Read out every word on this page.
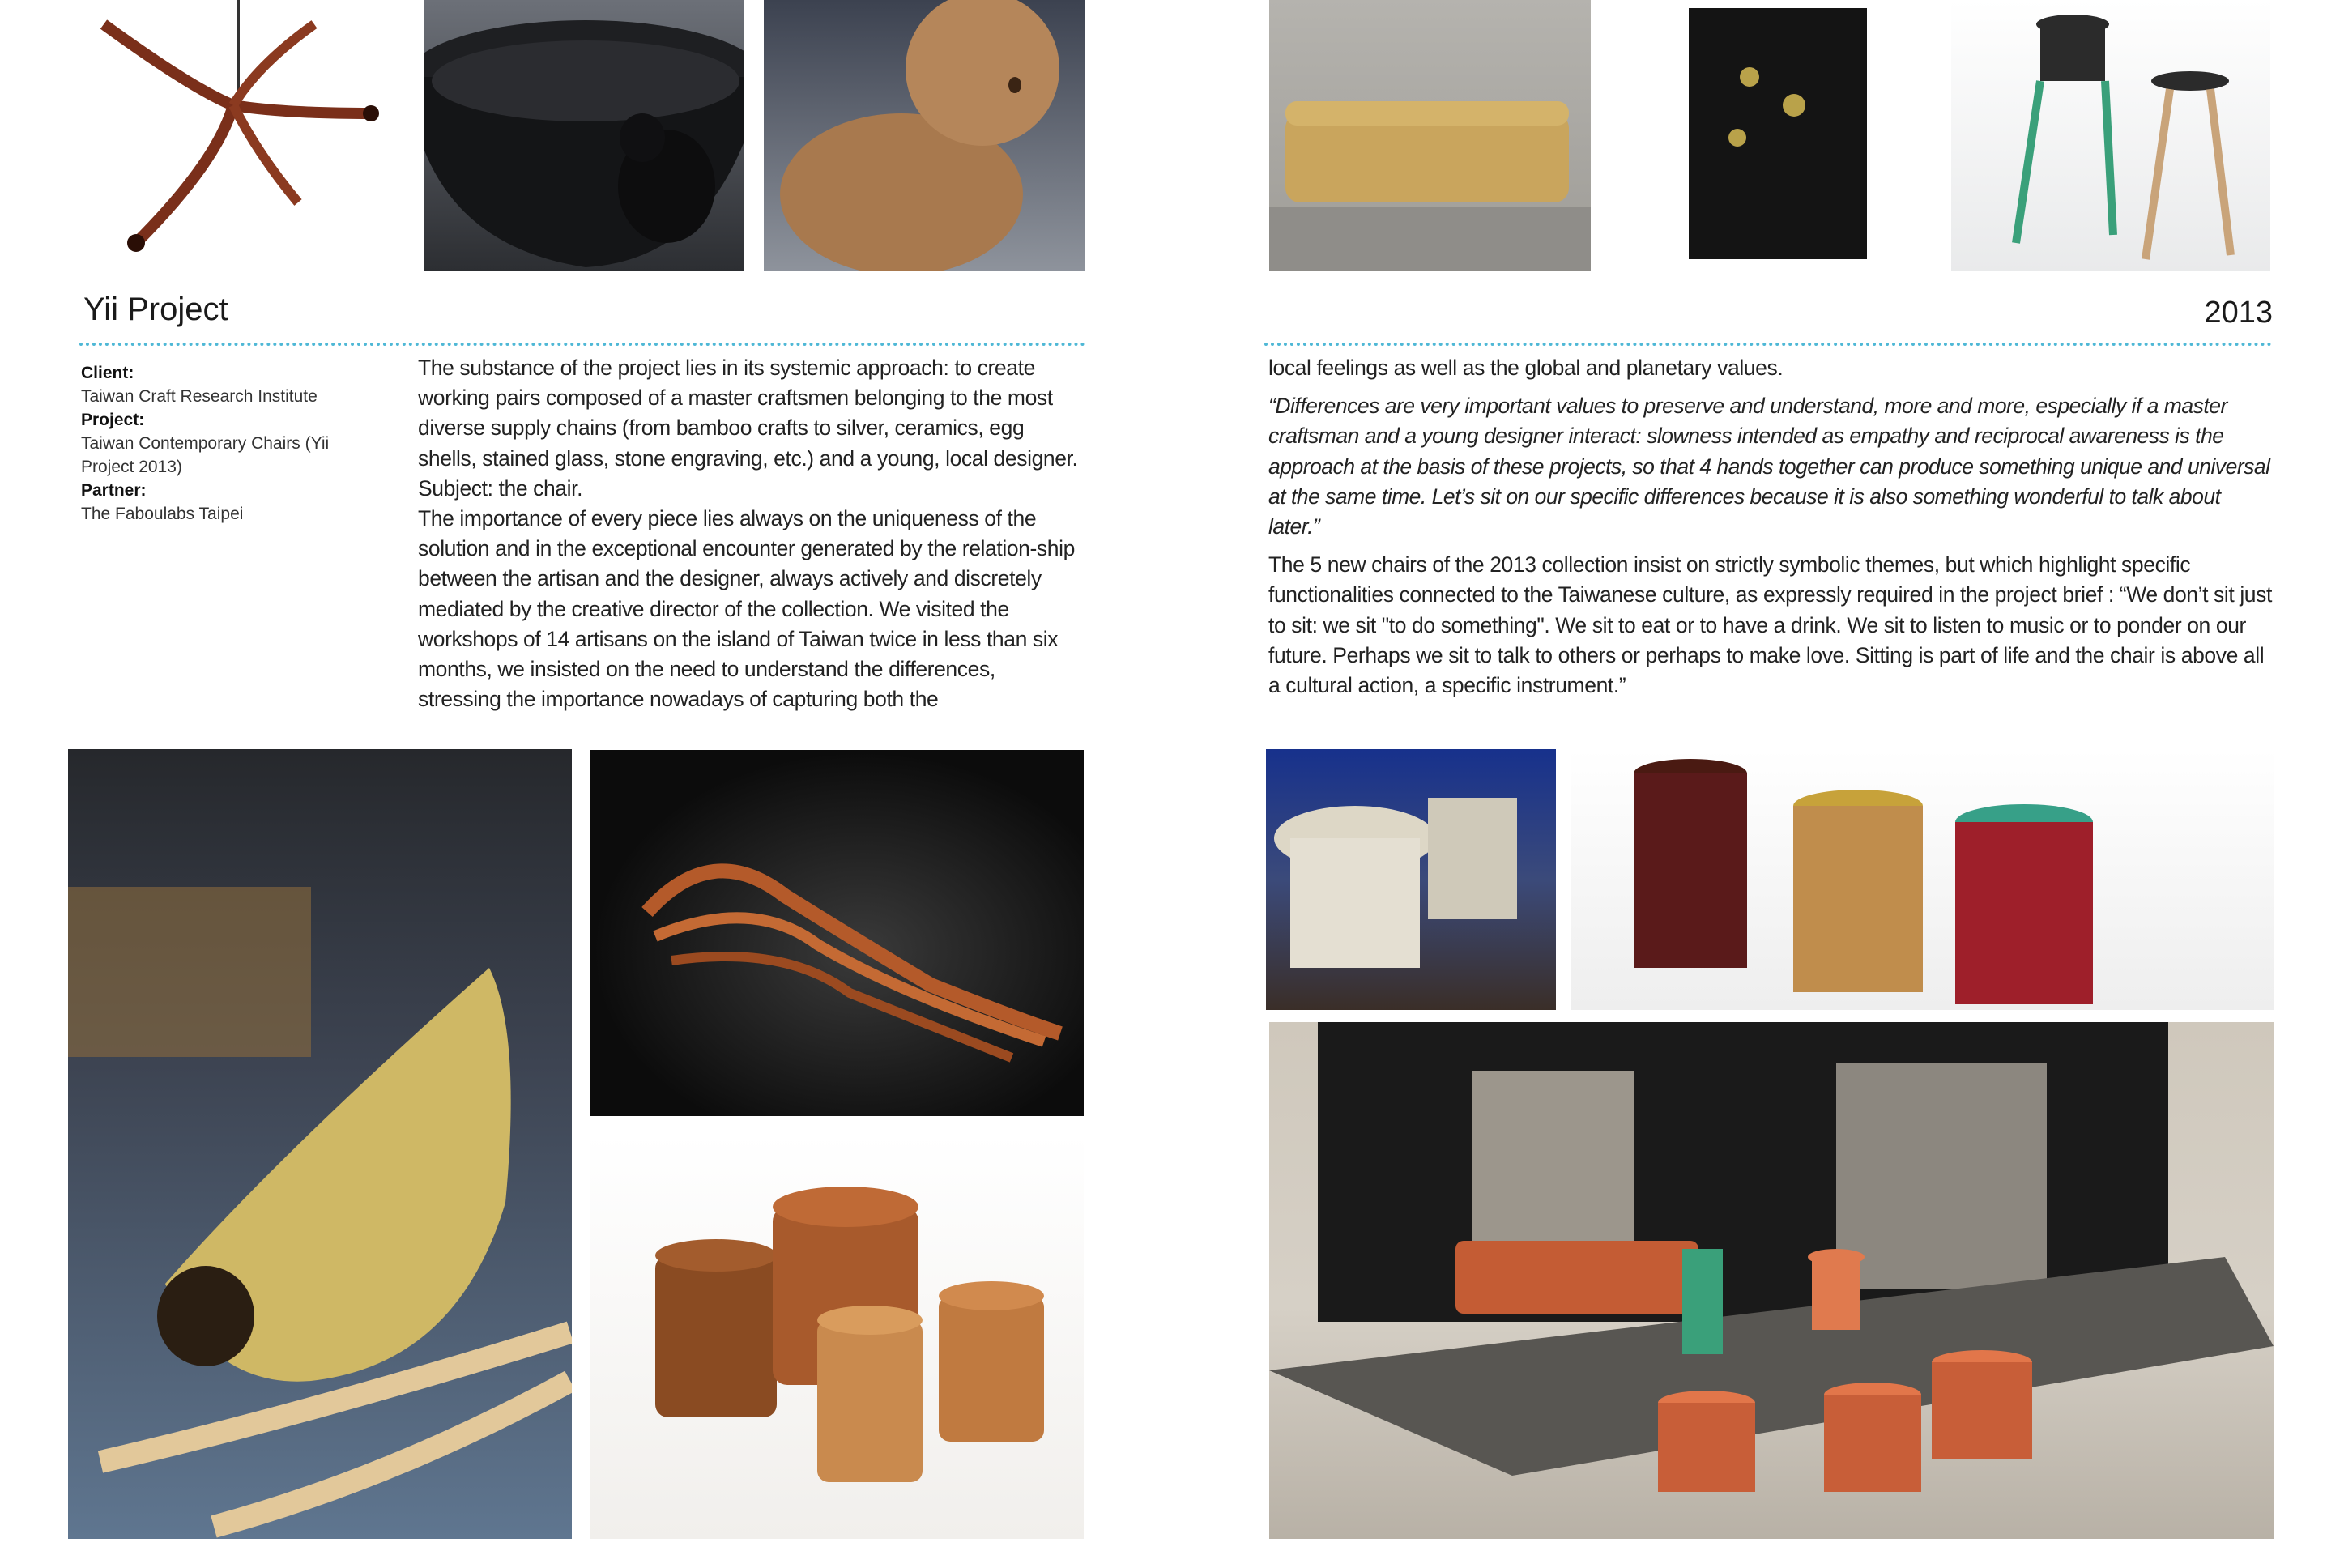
Yii Project	2013
Client:
Taiwan Craft Research Institute
Project:
Taiwan Contemporary Chairs (Yii Project 2013)
Partner:
The Faboulabs Taipei

The substance of the project lies in its systemic approach: to create working pairs composed of a master craftsmen belonging to the most diverse supply chains (from bamboo crafts to silver, ceramics, egg shells, stained glass, stone engraving, etc.) and a young, local designer. Subject: the chair.

The importance of every piece lies always on the uniqueness of the solution and in the exceptional encounter generated by the relation-ship between the artisan and the designer, always actively and discretely mediated by the creative director of the collection. We visited the workshops of 14 artisans on the island of Taiwan twice in less than six months, we insisted on the need to understand the differences, stressing the importance nowadays of capturing both the

local feelings as well as the global and planetary values.

“Differences are very important values to preserve and understand, more and more, especially if a master craftsman and a young designer interact: slowness intended as empathy and reciprocal awareness is the approach at the basis of these projects, so that 4 hands together can produce something unique and universal at the same time. Let’s sit on our specific differences because it is also something wonderful to talk about later.”

The 5 new chairs of the 2013 collection insist on strictly symbolic themes, but which highlight specific functionalities connected to the Taiwanese culture, as expressly required in the project brief : “We don’t sit just to sit: we sit "to do something". We sit to eat or to have a drink. We sit to listen to music or to ponder on our future. Perhaps we sit to talk to others or perhaps to make love. Sitting is part of life and the chair is above all a cultural action, a specific instrument.”
